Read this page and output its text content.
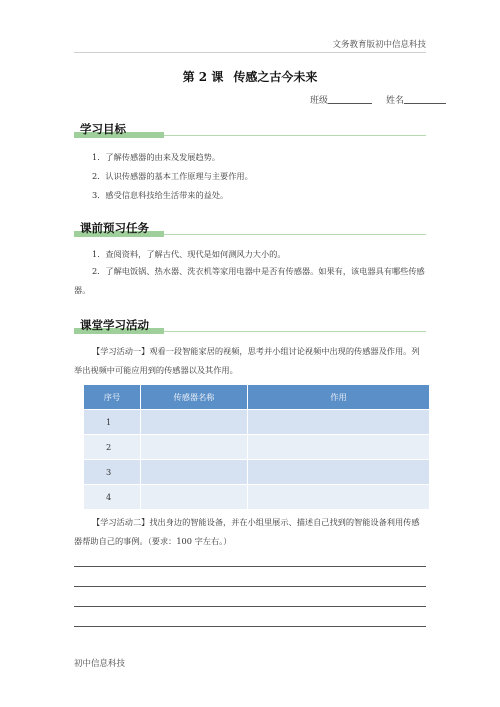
文务教育版初中信息科技
第 2 课 传感之古今未来
班级	姓名
学习目标
1．了解传感器的由来及发展趋势。
2．认识传感器的基本工作原理与主要作用。
3．感受信息科技给生活带来的益处。
课前预习任务
1．查阅资料，了解古代、现代是如何测风力大小的。
2．了解电饭锅、热水器、洗衣机等家用电器中是否有传感器。如果有，该电器具有哪些传感器。
课堂学习活动
【学习活动一】观看一段智能家居的视频，思考并小组讨论视频中出现的传感器及作用。列举出视频中可能应用到的传感器以及其作用。
序号	传感器名称	作用
1		
2		
3		
4		
【学习活动二】找出身边的智能设备，并在小组里展示、描述自己找到的智能设备利用传感器帮助自己的事例。（要求：100 字左右。）
初中信息科技
